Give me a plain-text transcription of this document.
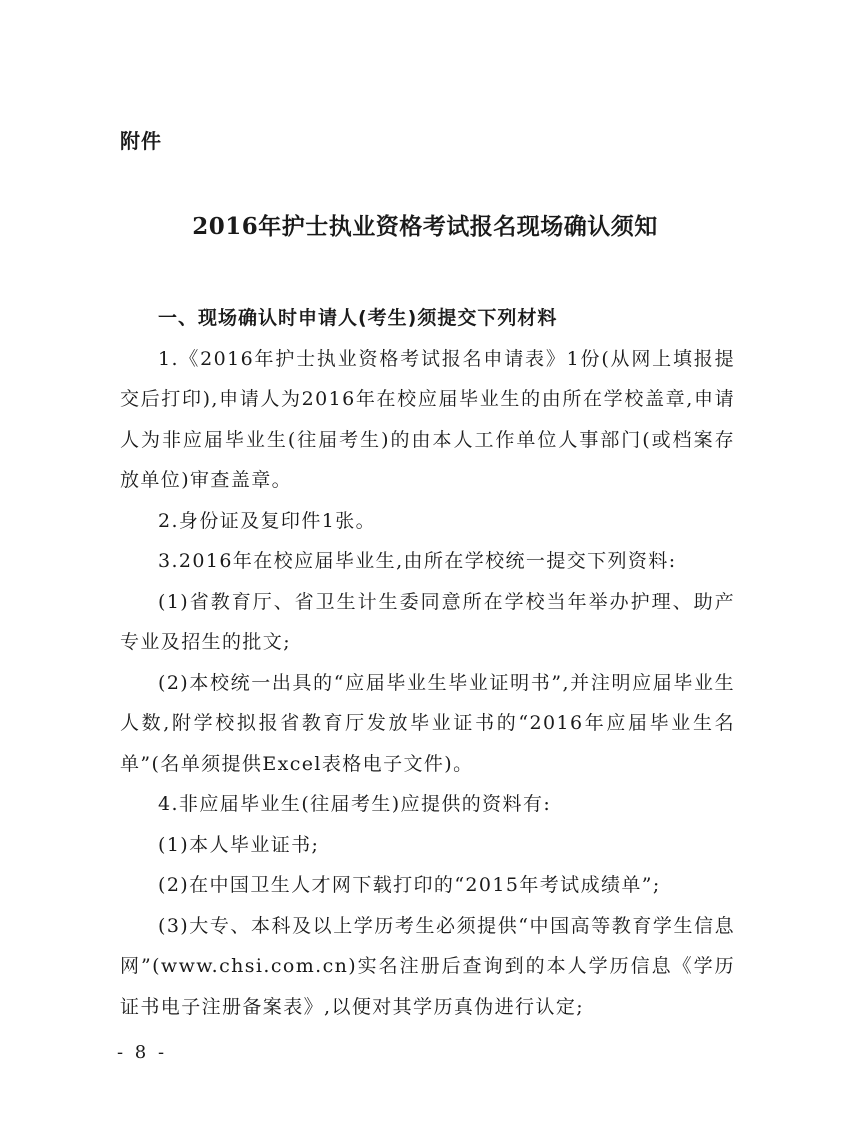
附件
2016年护士执业资格考试报名现场确认须知

一、现场确认时申请人(考生)须提交下列材料

1.《2016年护士执业资格考试报名申请表》1份(从网上填报提交后打印),申请人为2016年在校应届毕业生的由所在学校盖章,申请人为非应届毕业生(往届考生)的由本人工作单位人事部门(或档案存放单位)审查盖章。

2.身份证及复印件1张。

3.2016年在校应届毕业生,由所在学校统一提交下列资料:

(1)省教育厅、省卫生计生委同意所在学校当年举办护理、助产专业及招生的批文;

(2)本校统一出具的“应届毕业生毕业证明书”,并注明应届毕业生人数,附学校拟报省教育厅发放毕业证书的“2016年应届毕业生名单”(名单须提供Excel表格电子文件)。

4.非应届毕业生(往届考生)应提供的资料有:

(1)本人毕业证书;

(2)在中国卫生人才网下载打印的“2015年考试成绩单”;

(3)大专、本科及以上学历考生必须提供“中国高等教育学生信息网”(www.chsi.com.cn)实名注册后查询到的本人学历信息《学历证书电子注册备案表》,以便对其学历真伪进行认定;

- 8 -
